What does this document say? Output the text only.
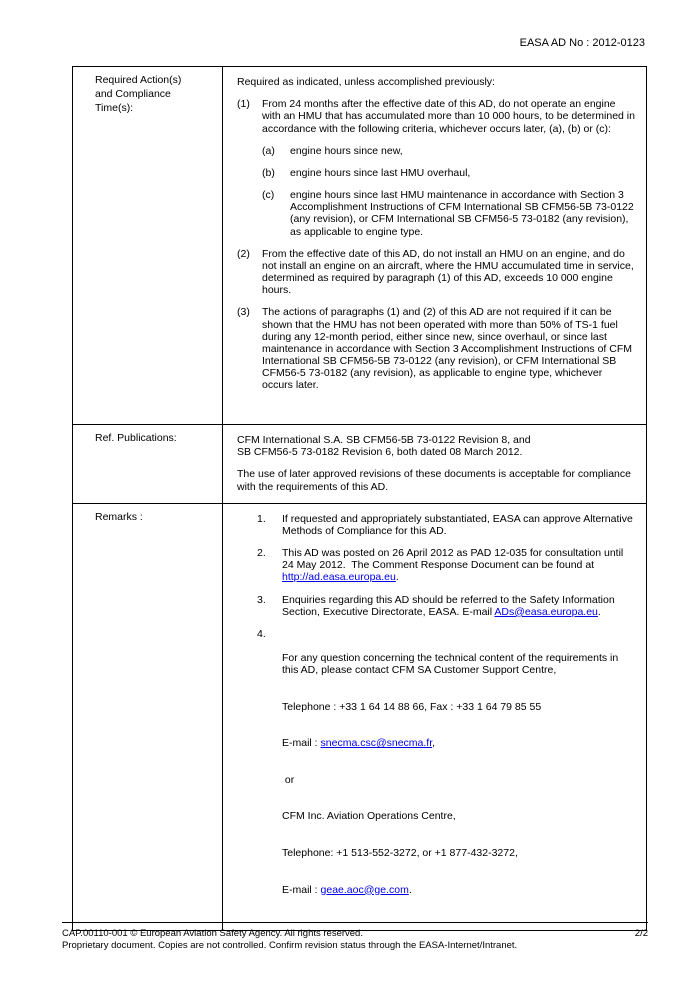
EASA AD No : 2012-0123
Required Action(s)
and Compliance
Time(s):

Required as indicated, unless accomplished previously:

(1)	From 24 months after the effective date of this AD, do not operate an engine with an HMU that has accumulated more than 10 000 hours, to be determined in accordance with the following criteria, whichever occurs later, (a), (b) or (c):
(a)	engine hours since new,
(b)	engine hours since last HMU overhaul,
(c)	engine hours since last HMU maintenance in accordance with Section 3 Accomplishment Instructions of CFM International SB CFM56-5B 73-0122 (any revision), or CFM International SB CFM56-5 73-0182 (any revision), as applicable to engine type.
(2)	From the effective date of this AD, do not install an HMU on an engine, and do not install an engine on an aircraft, where the HMU accumulated time in service, determined as required by paragraph (1) of this AD, exceeds 10 000 engine hours.
(3)	The actions of paragraphs (1) and (2) of this AD are not required if it can be shown that the HMU has not been operated with more than 50% of TS-1 fuel during any 12-month period, either since new, since overhaul, or since last maintenance in accordance with Section 3 Accomplishment Instructions of CFM International SB CFM56-5B 73-0122 (any revision), or CFM International SB CFM56-5 73-0182 (any revision), as applicable to engine type, whichever occurs later.
Ref. Publications:	CFM International S.A. SB CFM56-5B 73-0122 Revision 8, and
SB CFM56-5 73-0182 Revision 6, both dated 08 March 2012.

The use of later approved revisions of these documents is acceptable for compliance with the requirements of this AD.

Remarks :	1.	If requested and appropriately substantiated, EASA can approve Alternative Methods of Compliance for this AD.
2.	This AD was posted on 26 April 2012 as PAD 12-035 for consultation until 24 May 2012.  The Comment Response Document can be found at http://ad.easa.europa.eu.
3.	Enquiries regarding this AD should be referred to the Safety Information Section, Executive Directorate, EASA. E-mail ADs@easa.europa.eu.
4.

For any question concerning the technical content of the requirements in this AD, please contact CFM SA Customer Support Centre,

Telephone : +33 1 64 14 88 66, Fax : +33 1 64 79 85 55

E-mail : snecma.csc@snecma.fr,

or

CFM Inc. Aviation Operations Centre,

Telephone: +1 513-552-3272, or +1 877-432-3272,

E-mail : geae.aoc@ge.com.

CAP.00110-001 © European Aviation Safety Agency. All rights reserved.	2/2
Proprietary document. Copies are not controlled. Confirm revision status through the EASA-Internet/Intranet.
